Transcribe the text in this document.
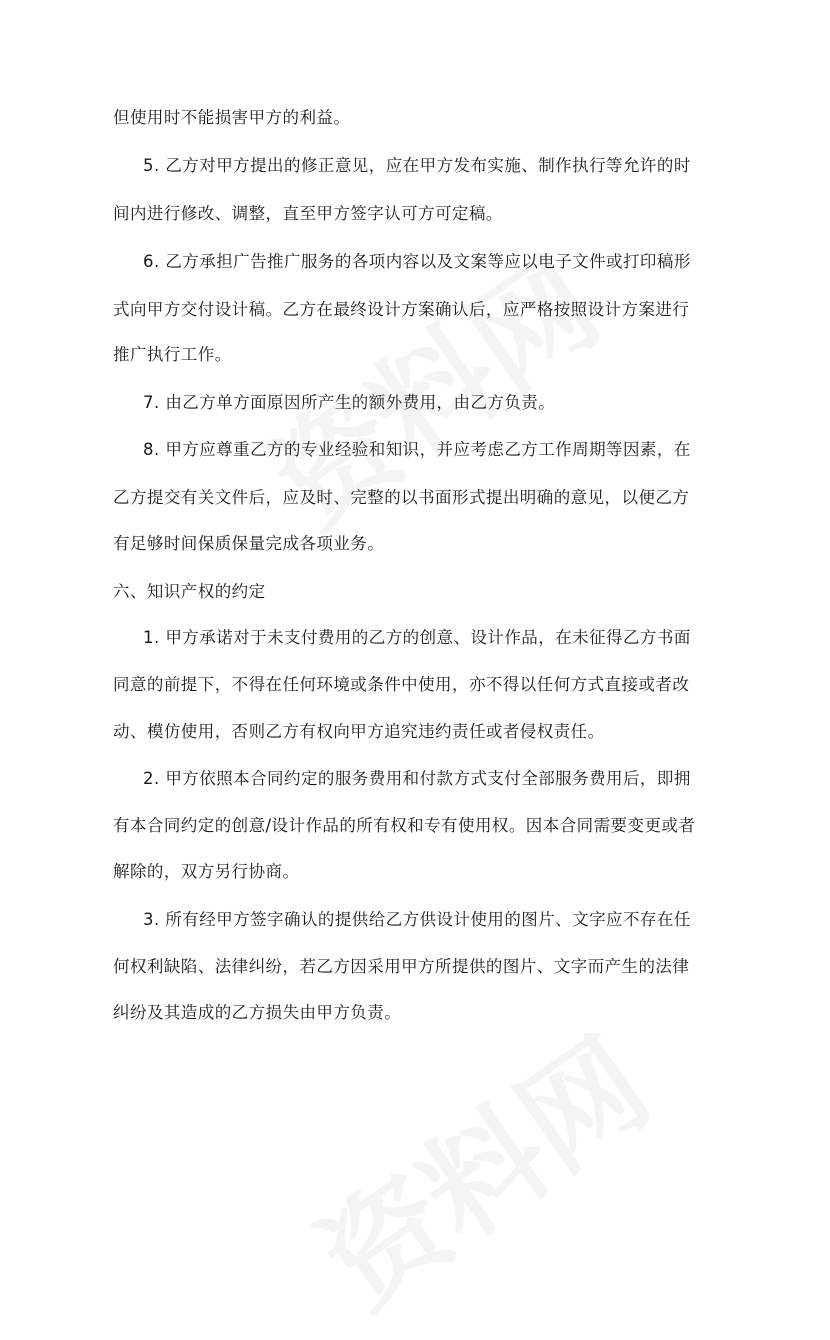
但使用时不能损害甲方的利益。
5. 乙方对甲方提出的修正意见，应在甲方发布实施、制作执行等允许的时
间内进行修改、调整，直至甲方签字认可方可定稿。
6. 乙方承担广告推广服务的各项内容以及文案等应以电子文件或打印稿形
式向甲方交付设计稿。乙方在最终设计方案确认后，应严格按照设计方案进行
推广执行工作。
7. 由乙方单方面原因所产生的额外费用，由乙方负责。
8. 甲方应尊重乙方的专业经验和知识，并应考虑乙方工作周期等因素，在
乙方提交有关文件后，应及时、完整的以书面形式提出明确的意见，以便乙方
有足够时间保质保量完成各项业务。
六、知识产权的约定
1. 甲方承诺对于未支付费用的乙方的创意、设计作品，在未征得乙方书面
同意的前提下，不得在任何环境或条件中使用，亦不得以任何方式直接或者改
动、模仿使用，否则乙方有权向甲方追究违约责任或者侵权责任。
2. 甲方依照本合同约定的服务费用和付款方式支付全部服务费用后，即拥
有本合同约定的创意/设计作品的所有权和专有使用权。因本合同需要变更或者
解除的，双方另行协商。
3. 所有经甲方签字确认的提供给乙方供设计使用的图片、文字应不存在任
何权利缺陷、法律纠纷，若乙方因采用甲方所提供的图片、文字而产生的法律
纠纷及其造成的乙方损失由甲方负责。
